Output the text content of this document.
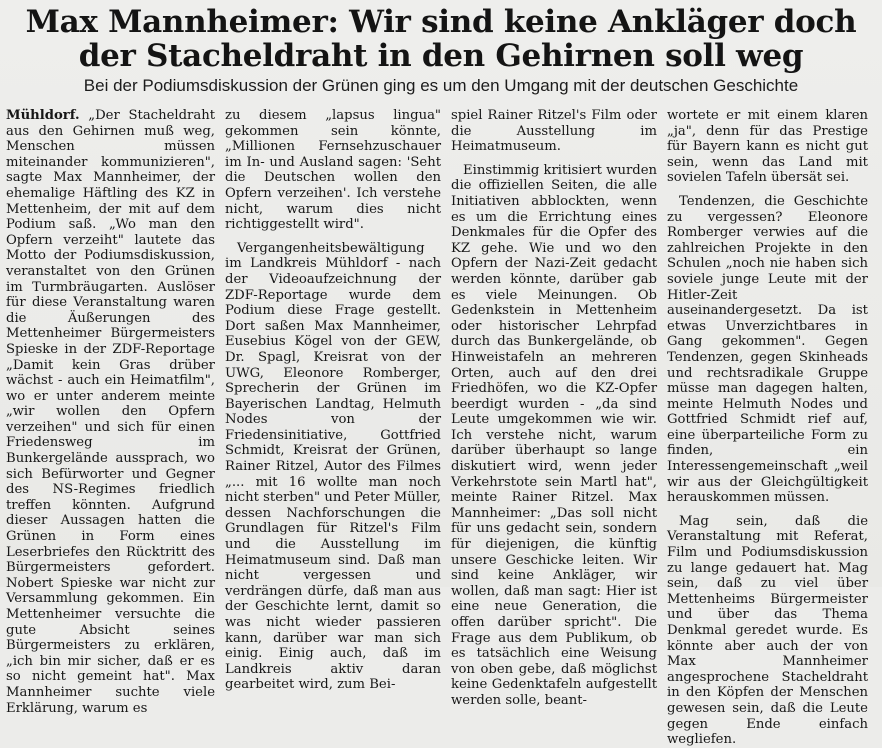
Max Mannheimer: Wir sind keine Ankläger doch
der Stacheldraht in den Gehirnen soll weg
Bei der Podiumsdiskussion der Grünen ging es um den Umgang mit der deutschen Geschichte

Mühldorf. „Der Stacheldraht aus den Gehirnen muß weg, Menschen müssen miteinander kommunizieren", sagte Max Mannheimer, der ehemalige Häftling des KZ in Mettenheim, der mit auf dem Podium saß. „Wo man den Opfern verzeiht" lautete das Motto der Podiumsdiskussion, veranstaltet von den Grünen im Turmbräugarten. Auslöser für diese Veranstaltung waren die Äußerungen des Mettenheimer Bürgermeisters Spieske in der ZDF-Reportage „Damit kein Gras drüber wächst - auch ein Heimatfilm", wo er unter anderem meinte „wir wollen den Opfern verzeihen" und sich für einen Friedensweg im Bunkergelände aussprach, wo sich Befürworter und Gegner des NS-Regimes friedlich treffen könnten. Aufgrund dieser Aussagen hatten die Grünen in Form eines Leserbriefes den Rücktritt des Bürgermeisters gefordert. Nobert Spieske war nicht zur Versammlung gekommen. Ein Mettenheimer versuchte die gute Absicht seines Bürgermeisters zu erklären, „ich bin mir sicher, daß er es so nicht gemeint hat". Max Mannheimer suchte viele Erklärung, warum es

zu diesem „lapsus lingua" gekommen sein könnte, „Millionen Fernsehzuschauer im In- und Ausland sagen: 'Seht die Deutschen wollen den Opfern verzeihen'. Ich verstehe nicht, warum dies nicht richtiggestellt wird".

Vergangenheitsbewältigung im Landkreis Mühldorf - nach der Videoaufzeichnung der ZDF-Reportage wurde dem Podium diese Frage gestellt. Dort saßen Max Mannheimer, Eusebius Kögel von der GEW, Dr. Spagl, Kreisrat von der UWG, Eleonore Romberger, Sprecherin der Grünen im Bayerischen Landtag, Helmuth Nodes von der Friedensinitiative, Gottfried Schmidt, Kreisrat der Grünen, Rainer Ritzel, Autor des Filmes „... mit 16 wollte man noch nicht sterben" und Peter Müller, dessen Nachforschungen die Grundlagen für Ritzel's Film und die Ausstellung im Heimatmuseum sind. Daß man nicht vergessen und verdrängen dürfe, daß man aus der Geschichte lernt, damit so was nicht wieder passieren kann, darüber war man sich einig. Einig auch, daß im Landkreis aktiv daran gearbeitet wird, zum Bei-

spiel Rainer Ritzel's Film oder die Ausstellung im Heimatmuseum.

Einstimmig kritisiert wurden die offiziellen Seiten, die alle Initiativen abblockten, wenn es um die Errichtung eines Denkmales für die Opfer des KZ gehe. Wie und wo den Opfern der Nazi-Zeit gedacht werden könnte, darüber gab es viele Meinungen. Ob Gedenkstein in Mettenheim oder historischer Lehrpfad durch das Bunkergelände, ob Hinweistafeln an mehreren Orten, auch auf den drei Friedhöfen, wo die KZ-Opfer beerdigt wurden - „da sind Leute umgekommen wie wir. Ich verstehe nicht, warum darüber überhaupt so lange diskutiert wird, wenn jeder Verkehrstote sein Martl hat", meinte Rainer Ritzel. Max Mannheimer: „Das soll nicht für uns gedacht sein, sondern für diejenigen, die künftig unsere Geschicke leiten. Wir sind keine Ankläger, wir wollen, daß man sagt: Hier ist eine neue Generation, die offen darüber spricht". Die Frage aus dem Publikum, ob es tatsächlich eine Weisung von oben gebe, daß möglichst keine Gedenktafeln aufgestellt werden solle, beant-

wortete er mit einem klaren „ja", denn für das Prestige für Bayern kann es nicht gut sein, wenn das Land mit sovielen Tafeln übersät sei.

Tendenzen, die Geschichte zu vergessen? Eleonore Romberger verwies auf die zahlreichen Projekte in den Schulen „noch nie haben sich soviele junge Leute mit der Hitler-Zeit auseinandergesetzt. Da ist etwas Unverzichtbares in Gang gekommen". Gegen Tendenzen, gegen Skinheads und rechtsradikale Gruppe müsse man dagegen halten, meinte Helmuth Nodes und Gottfried Schmidt rief auf, eine überparteiliche Form zu finden, ein Interessengemeinschaft „weil wir aus der Gleichgültigkeit herauskommen müssen.

Mag sein, daß die Veranstaltung mit Referat, Film und Podiumsdiskussion zu lange gedauert hat. Mag sein, daß zu viel über Mettenheims Bürgermeister und über das Thema Denkmal geredet wurde. Es könnte aber auch der von Max Mannheimer angesprochene Stacheldraht in den Köpfen der Menschen gewesen sein, daß die Leute gegen Ende einfach wegliefen.
